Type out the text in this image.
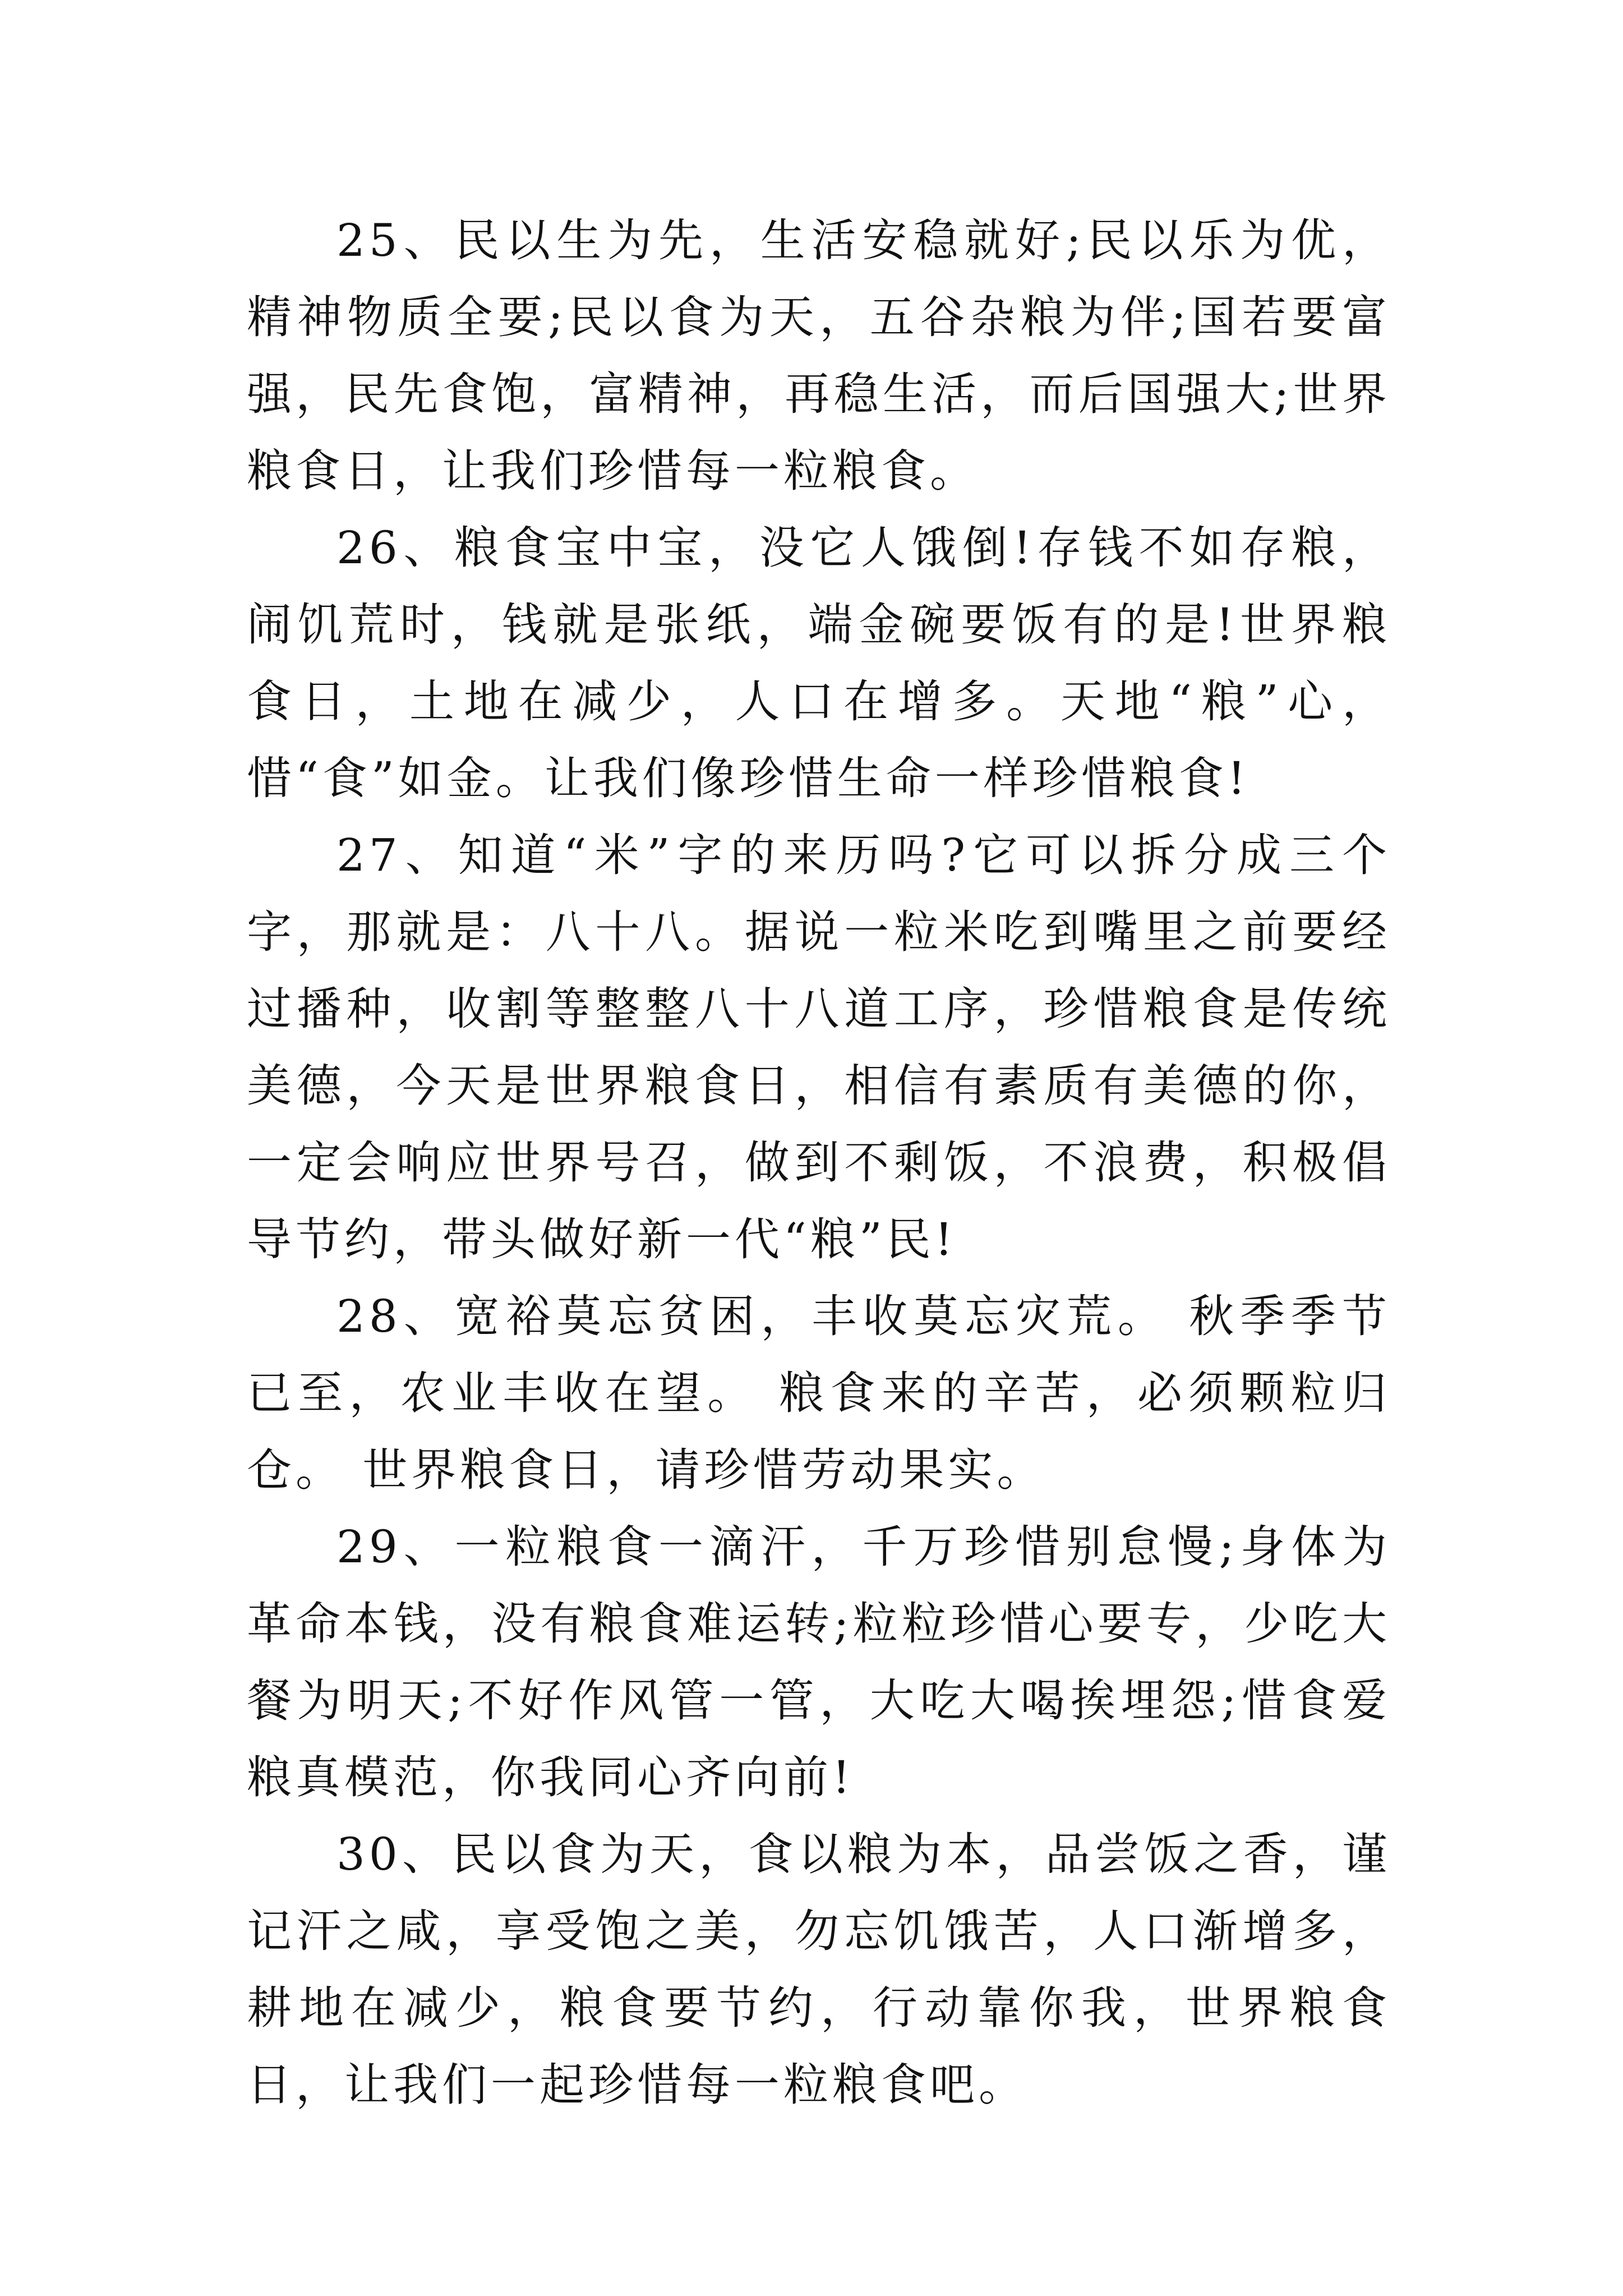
25、民以生为先，生活安稳就好;民以乐为优，精神物质全要;民以食为天，五谷杂粮为伴;国若要富强，民先食饱，富精神，再稳生活，而后国强大;世界粮食日，让我们珍惜每一粒粮食。

26、粮食宝中宝，没它人饿倒!存钱不如存粮，闹饥荒时，钱就是张纸，端金碗要饭有的是!世界粮食日，土地在减少，人口在增多。天地“粮”心，惜“食”如金。让我们像珍惜生命一样珍惜粮食!

27、知道“米”字的来历吗?它可以拆分成三个字，那就是：八十八。据说一粒米吃到嘴里之前要经过播种，收割等整整八十八道工序，珍惜粮食是传统美德，今天是世界粮食日，相信有素质有美德的你，一定会响应世界号召，做到不剩饭，不浪费，积极倡导节约，带头做好新一代“粮”民!

28、宽裕莫忘贫困，丰收莫忘灾荒。 秋季季节已至，农业丰收在望。 粮食来的辛苦，必须颗粒归仓。 世界粮食日，请珍惜劳动果实。

29、一粒粮食一滴汗，千万珍惜别怠慢;身体为革命本钱，没有粮食难运转;粒粒珍惜心要专，少吃大餐为明天;不好作风管一管，大吃大喝挨埋怨;惜食爱粮真模范，你我同心齐向前!

30、民以食为天，食以粮为本，品尝饭之香，谨记汗之咸，享受饱之美，勿忘饥饿苦，人口渐增多，耕地在减少，粮食要节约，行动靠你我，世界粮食日，让我们一起珍惜每一粒粮食吧。
